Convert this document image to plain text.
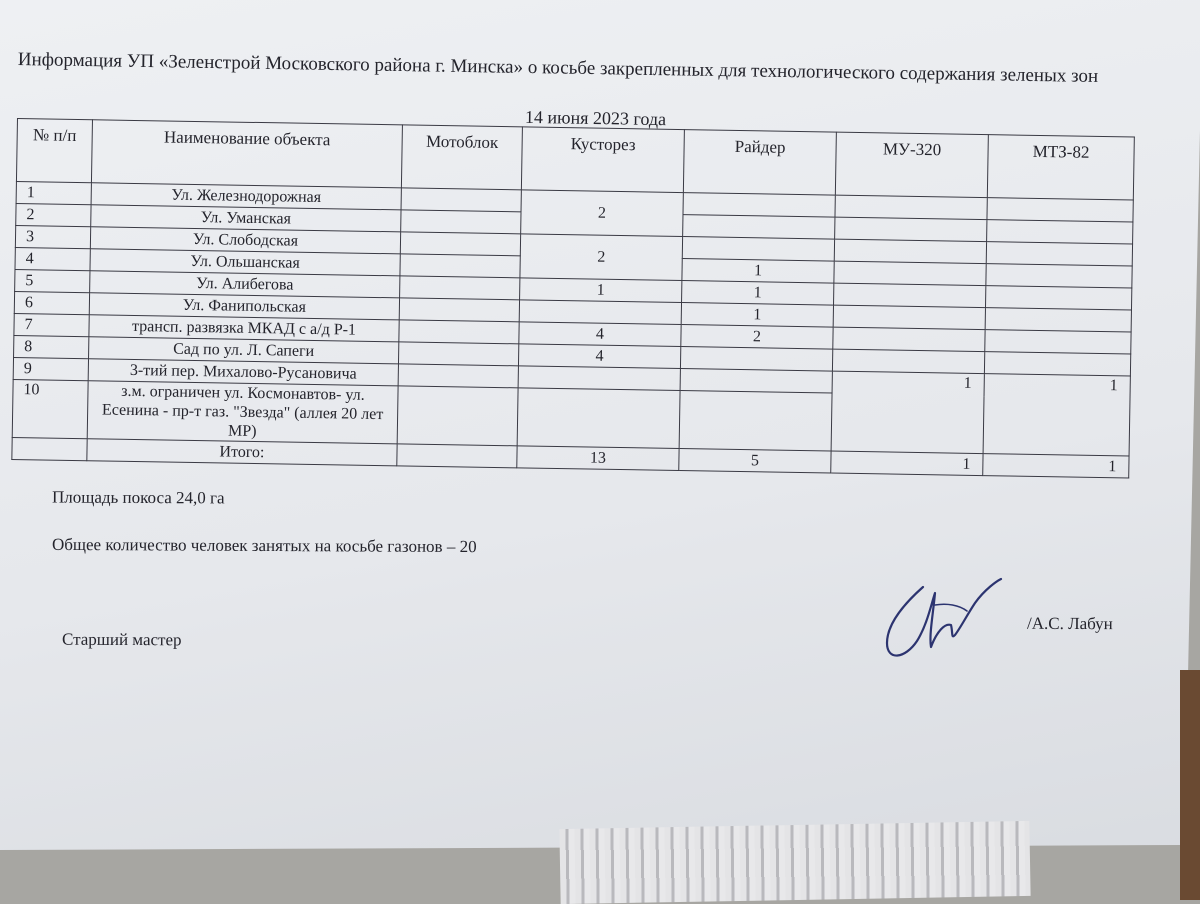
Информация УП «Зеленстрой Московского района г. Минска» о косьбе закрепленных для технологического содержания зеленых зон
14 июня 2023 года
№ п/п	Наименование объекта	Мотоблок	Кусторез	Райдер	МУ-320	МТЗ-82
1	Ул. Железнодорожная		2			
2	Ул. Уманская					
3	Ул. Слободская		2			
4	Ул. Ольшанская			1		
5	Ул. Алибегова		1	1		
6	Ул. Фанипольская			1		
7	трансп. развязка МКАД с а/д Р-1		4	2		
8	Сад по ул. Л. Сапеги		4			
9	3-тий пер. Михалово-Русановича				1	1
10	з.м. ограничен ул. Космонавтов- ул. Есенина - пр-т газ. "Звезда" (аллея 20 лет МР)					
	Итого:		13	5	1	1
Площадь покоса 24,0 га
Общее количество человек занятых на косьбе газонов – 20
Старший мастер
/А.С. Лабун
